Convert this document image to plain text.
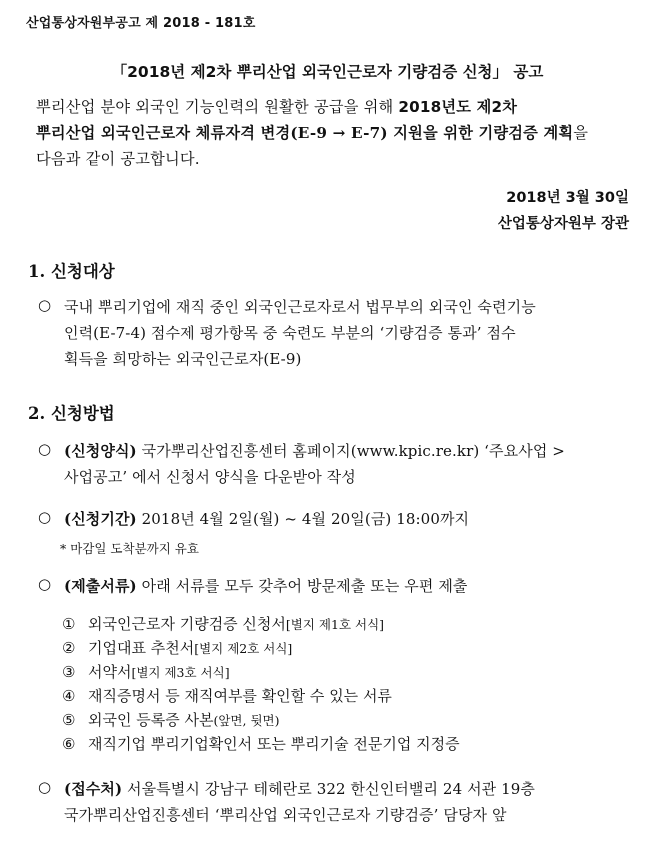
산업통상자원부공고 제 2018 - 181호
「2018년 제2차 뿌리산업 외국인근로자 기량검증 신청」 공고
뿌리산업 분야 외국인 기능인력의 원활한 공급을 위해 2018년도 제2차
뿌리산업 외국인근로자 체류자격 변경(E-9 → E-7) 지원을 위한 기량검증 계획을
다음과 같이 공고합니다.
2018년 3월 30일
산업통상자원부 장관
1. 신청대상
○ 국내 뿌리기업에 재직 중인 외국인근로자로서 법무부의 외국인 숙련기능
인력(E-7-4) 점수제 평가항목 중 숙련도 부분의 ‘기량검증 통과’ 점수
획득을 희망하는 외국인근로자(E-9)
2. 신청방법
○ (신청양식) 국가뿌리산업진흥센터 홈페이지(www.kpic.re.kr) ‘주요사업 >
사업공고’ 에서 신청서 양식을 다운받아 작성
○ (신청기간) 2018년 4월 2일(월) ~ 4월 20일(금) 18:00까지
* 마감일 도착분까지 유효
○ (제출서류) 아래 서류를 모두 갖추어 방문제출 또는 우편 제출
① 외국인근로자 기량검증 신청서[별지 제1호 서식]
② 기업대표 추천서[별지 제2호 서식]
③ 서약서[별지 제3호 서식]
④ 재직증명서 등 재직여부를 확인할 수 있는 서류
⑤ 외국인 등록증 사본(앞면, 뒷면)
⑥ 재직기업 뿌리기업확인서 또는 뿌리기술 전문기업 지정증
○ (접수처) 서울특별시 강남구 테헤란로 322 한신인터밸리 24 서관 19층
국가뿌리산업진흥센터 ‘뿌리산업 외국인근로자 기량검증’ 담당자 앞
